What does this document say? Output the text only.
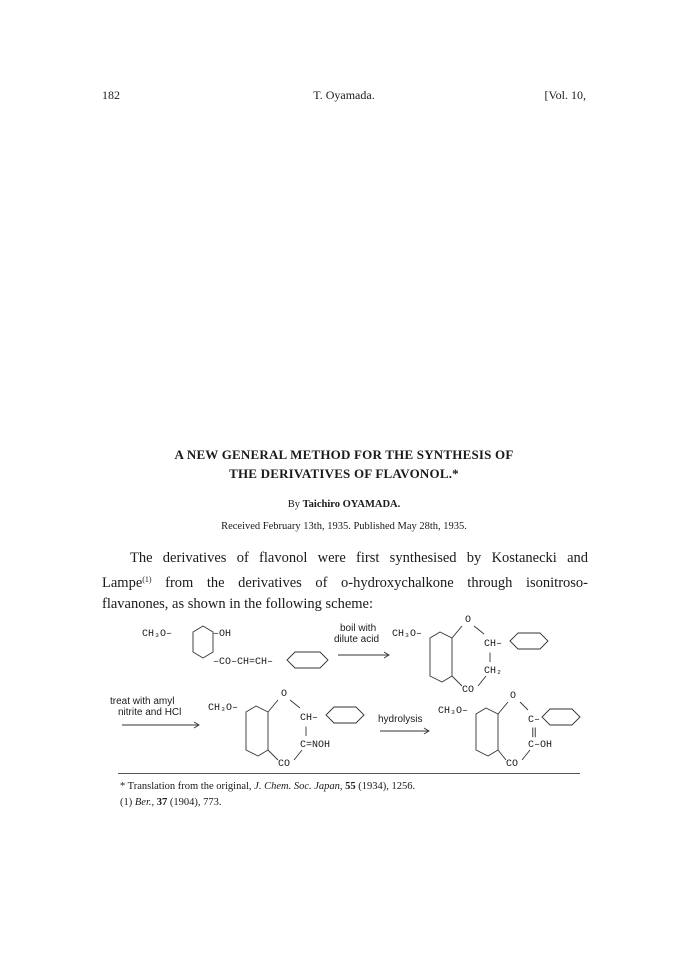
182	T. Oyamada.	[Vol. 10,
A NEW GENERAL METHOD FOR THE SYNTHESIS OF
THE DERIVATIVES OF FLAVONOL.*
By Taichiro OYAMADA.
Received February 13th, 1935. Published May 28th, 1935.
The derivatives of flavonol were first synthesised by Kostanecki and
Lampe$^{(1)}$ from the derivatives of o-hydroxychalkone through isonitroso-
flavanones, as shown in the following scheme:
CH₃O–	–OH
–CO–CH=CH–
boil with
dilute acid CH₃O–
O
CH–
|
CH₂
CO
treat with amyl
nitrite and HCl	CH₃O–
O
CH–
|
C=NOH
CO
hydrolysis
CH₃O–
O
C–
‖
C–OH
CO
* Translation from the original, J. Chem. Soc. Japan, 55 (1934), 1256.
(1) Ber., 37 (1904), 773.
